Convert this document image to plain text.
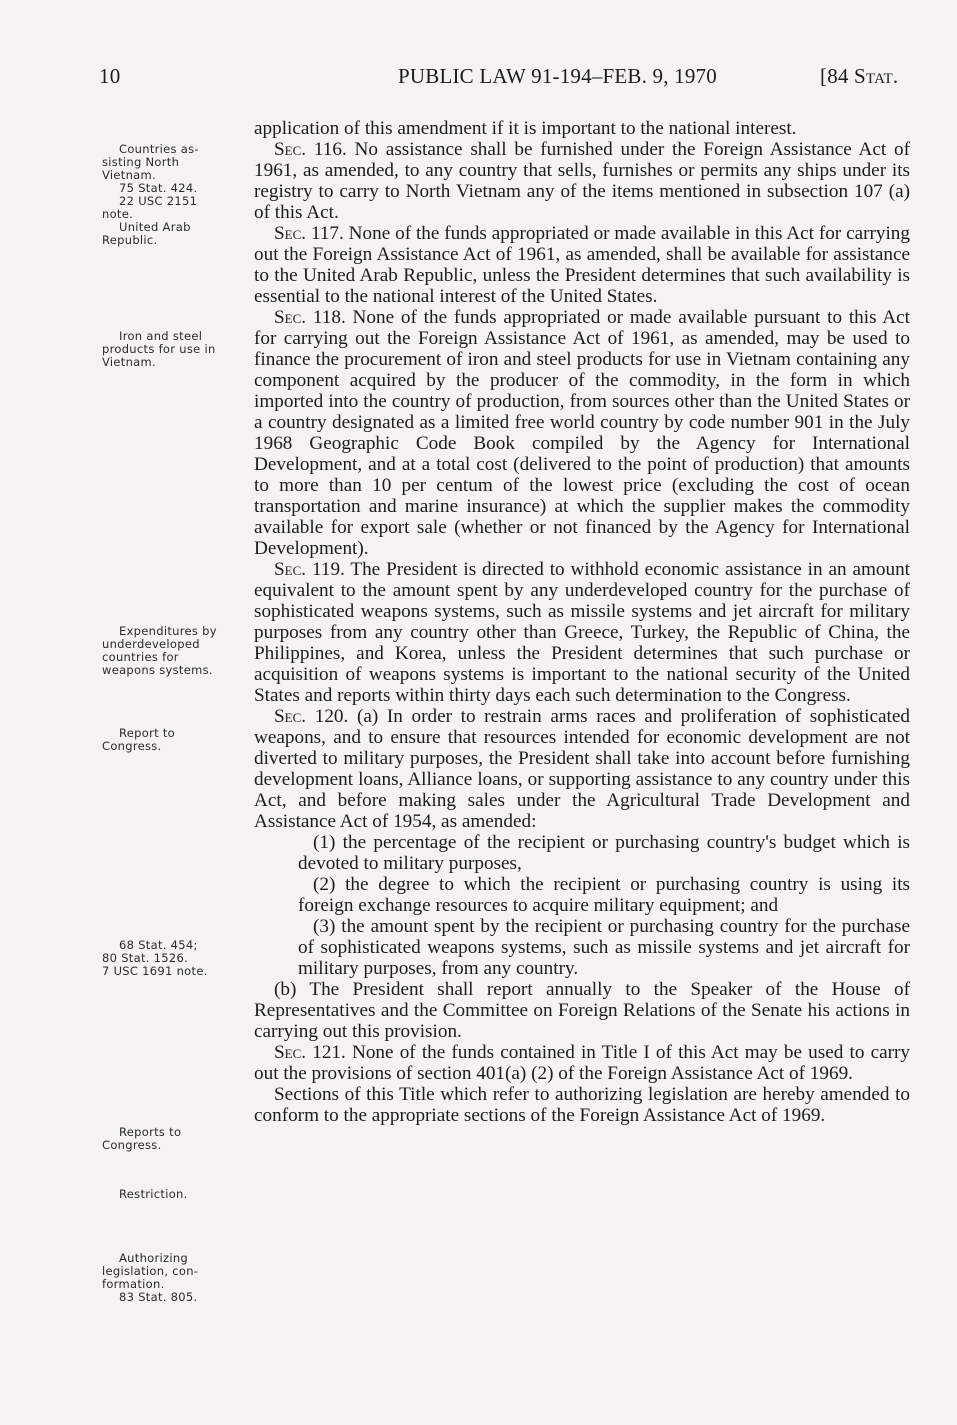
10	PUBLIC LAW 91-194–FEB. 9, 1970	[84 Stat.
Countries as-
sisting North
Vietnam.
75 Stat. 424.
22 USC 2151
note.
United Arab
Republic.
Iron and steel
products for use in
Vietnam.
Expenditures by
underdeveloped
countries for
weapons systems.
Report to
Congress.
68 Stat. 454;
80 Stat. 1526.
7 USC 1691 note.
Reports to
Congress.
Restriction.
Authorizing
legislation, con-
formation.
83 Stat. 805.

application of this amendment if it is important to the national interest.

Sec. 116. No assistance shall be furnished under the Foreign Assistance Act of 1961, as amended, to any country that sells, furnishes or permits any ships under its registry to carry to North Vietnam any of the items mentioned in subsection 107 (a) of this Act.

Sec. 117. None of the funds appropriated or made available in this Act for carrying out the Foreign Assistance Act of 1961, as amended, shall be available for assistance to the United Arab Republic, unless the President determines that such availability is essential to the national interest of the United States.

Sec. 118. None of the funds appropriated or made available pursuant to this Act for carrying out the Foreign Assistance Act of 1961, as amended, may be used to finance the procurement of iron and steel products for use in Vietnam containing any component acquired by the producer of the commodity, in the form in which imported into the country of production, from sources other than the United States or a country designated as a limited free world country by code number 901 in the July 1968 Geographic Code Book compiled by the Agency for International Development, and at a total cost (delivered to the point of production) that amounts to more than 10 per centum of the lowest price (excluding the cost of ocean transportation and marine insurance) at which the supplier makes the commodity available for export sale (whether or not financed by the Agency for International Development).

Sec. 119. The President is directed to withhold economic assistance in an amount equivalent to the amount spent by any underdeveloped country for the purchase of sophisticated weapons systems, such as missile systems and jet aircraft for military purposes from any country other than Greece, Turkey, the Republic of China, the Philippines, and Korea, unless the President determines that such purchase or acquisition of weapons systems is important to the national security of the United States and reports within thirty days each such determination to the Congress.

Sec. 120. (a) In order to restrain arms races and proliferation of sophisticated weapons, and to ensure that resources intended for economic development are not diverted to military purposes, the President shall take into account before furnishing development loans, Alliance loans, or supporting assistance to any country under this Act, and before making sales under the Agricultural Trade Development and Assistance Act of 1954, as amended:

(1) the percentage of the recipient or purchasing country's budget which is devoted to military purposes,

(2) the degree to which the recipient or purchasing country is using its foreign exchange resources to acquire military equipment; and

(3) the amount spent by the recipient or purchasing country for the purchase of sophisticated weapons systems, such as missile systems and jet aircraft for military purposes, from any country.

(b) The President shall report annually to the Speaker of the House of Representatives and the Committee on Foreign Relations of the Senate his actions in carrying out this provision.

Sec. 121. None of the funds contained in Title I of this Act may be used to carry out the provisions of section 401(a) (2) of the Foreign Assistance Act of 1969.

Sections of this Title which refer to authorizing legislation are hereby amended to conform to the appropriate sections of the Foreign Assistance Act of 1969.
